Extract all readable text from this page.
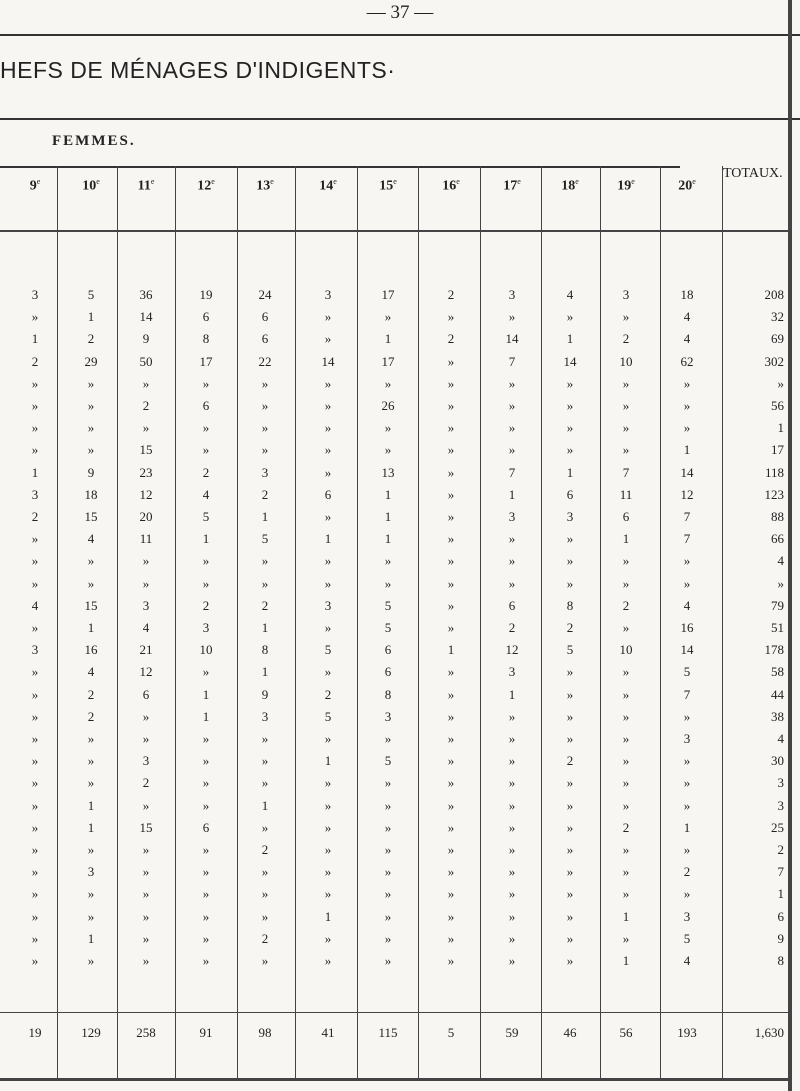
— 37 —
HEFS DE MÉNAGES D'INDIGENTS·
FEMMES.
TOTAUX.
9e	10e	11e	12e	13e	14e	15e	16e	17e	18e	19e	20e
3	5	36	19	24	3	17	2	3	4	3	18	208
»	1	14	6	6	»	»	»	»	»	»	4	32
1	2	9	8	6	»	1	2	14	1	2	4	69
2	29	50	17	22	14	17	»	7	14	10	62	302
»	»	»	»	»	»	»	»	»	»	»	»	»
»	»	2	6	»	»	26	»	»	»	»	»	56
»	»	»	»	»	»	»	»	»	»	»	»	1
»	»	15	»	»	»	»	»	»	»	»	1	17
1	9	23	2	3	»	13	»	7	1	7	14	118
3	18	12	4	2	6	1	»	1	6	11	12	123
2	15	20	5	1	»	1	»	3	3	6	7	88
»	4	11	1	5	1	1	»	»	»	1	7	66
»	»	»	»	»	»	»	»	»	»	»	»	4
»	»	»	»	»	»	»	»	»	»	»	»	»
4	15	3	2	2	3	5	»	6	8	2	4	79
»	1	4	3	1	»	5	»	2	2	»	16	51
3	16	21	10	8	5	6	1	12	5	10	14	178
»	4	12	»	1	»	6	»	3	»	»	5	58
»	2	6	1	9	2	8	»	1	»	»	7	44
»	2	»	1	3	5	3	»	»	»	»	»	38
»	»	»	»	»	»	»	»	»	»	»	3	4
»	»	3	»	»	1	5	»	»	2	»	»	30
»	»	2	»	»	»	»	»	»	»	»	»	3
»	1	»	»	1	»	»	»	»	»	»	»	3
»	1	15	6	»	»	»	»	»	»	2	1	25
»	»	»	»	2	»	»	»	»	»	»	»	2
»	3	»	»	»	»	»	»	»	»	»	2	7
»	»	»	»	»	»	»	»	»	»	»	»	1
»	»	»	»	»	1	»	»	»	»	1	3	6
»	1	»	»	2	»	»	»	»	»	»	5	9
»	»	»	»	»	»	»	»	»	»	1	4	8
19	129	258	91	98	41	115	5	59	46	56	193	1,630
